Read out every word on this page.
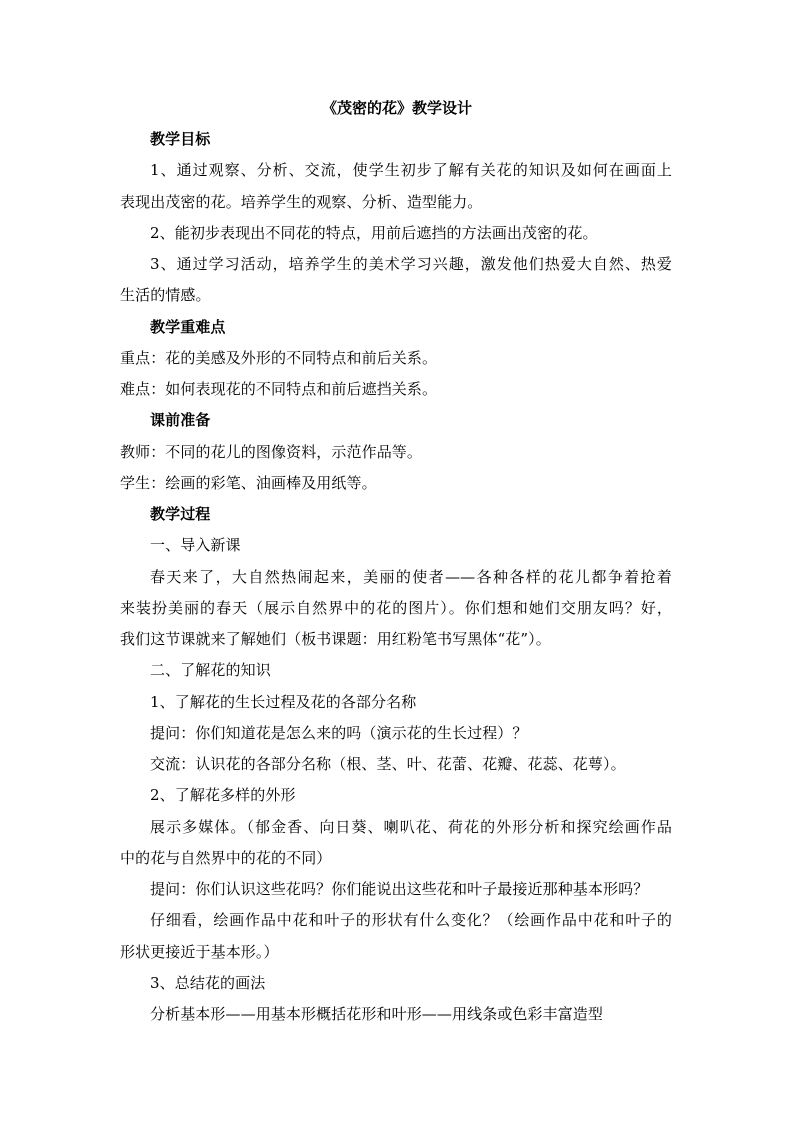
《茂密的花》教学设计
教学目标
1、通过观察、分析、交流，使学生初步了解有关花的知识及如何在画面上
表现出茂密的花。培养学生的观察、分析、造型能力。
2、能初步表现出不同花的特点，用前后遮挡的方法画出茂密的花。
3、通过学习活动，培养学生的美术学习兴趣，激发他们热爱大自然、热爱
生活的情感。
教学重难点
重点：花的美感及外形的不同特点和前后关系。
难点：如何表现花的不同特点和前后遮挡关系。
课前准备
教师：不同的花儿的图像资料，示范作品等。
学生：绘画的彩笔、油画棒及用纸等。
教学过程
一、导入新课
春天来了，大自然热闹起来，美丽的使者——各种各样的花儿都争着抢着
来装扮美丽的春天（展示自然界中的花的图片）。你们想和她们交朋友吗？好，
我们这节课就来了解她们（板书课题：用红粉笔书写黑体“花”）。
二、了解花的知识
1、了解花的生长过程及花的各部分名称
提问：你们知道花是怎么来的吗（演示花的生长过程）？
交流：认识花的各部分名称（根、茎、叶、花蕾、花瓣、花蕊、花萼）。
2、了解花多样的外形
展示多媒体。（郁金香、向日葵、喇叭花、荷花的外形分析和探究绘画作品
中的花与自然界中的花的不同）
提问：你们认识这些花吗？你们能说出这些花和叶子最接近那种基本形吗？
仔细看，绘画作品中花和叶子的形状有什么变化？（绘画作品中花和叶子的
形状更接近于基本形。）
3、总结花的画法
分析基本形——用基本形概括花形和叶形——用线条或色彩丰富造型
